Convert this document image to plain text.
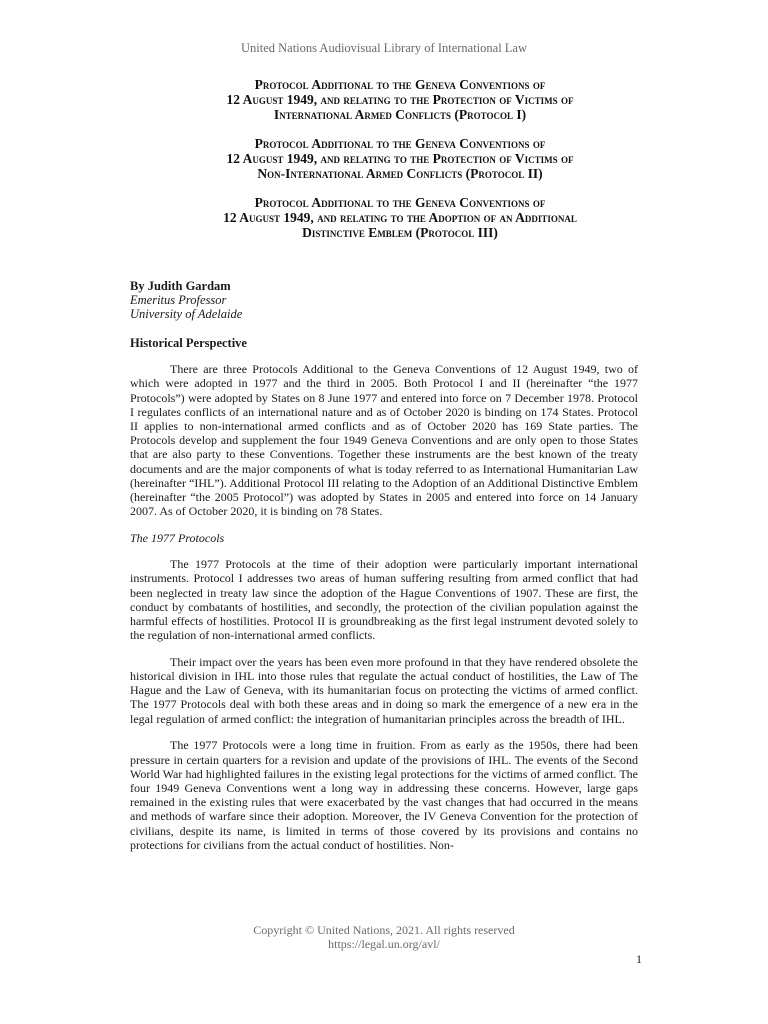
United Nations Audiovisual Library of International Law
Protocol Additional to the Geneva Conventions of
12 August 1949, and relating to the Protection of Victims of
International Armed Conflicts (Protocol I)
Protocol Additional to the Geneva Conventions of
12 August 1949, and relating to the Protection of Victims of
Non-International Armed Conflicts (Protocol II)
Protocol Additional to the Geneva Conventions of
12 August 1949, and relating to the Adoption of an Additional
Distinctive Emblem (Protocol III)
By Judith Gardam
Emeritus Professor
University of Adelaide
Historical Perspective

There are three Protocols Additional to the Geneva Conventions of 12 August 1949, two of which were adopted in 1977 and the third in 2005. Both Protocol I and II (hereinafter “the 1977 Protocols”) were adopted by States on 8 June 1977 and entered into force on 7 December 1978. Protocol I regulates conflicts of an international nature and as of October 2020 is binding on 174 States. Protocol II applies to non-international armed conflicts and as of October 2020 has 169 State parties. The Protocols develop and supplement the four 1949 Geneva Conventions and are only open to those States that are also party to these Conventions. Together these instruments are the best known of the treaty documents and are the major components of what is today referred to as International Humanitarian Law (hereinafter “IHL”). Additional Protocol III relating to the Adoption of an Additional Distinctive Emblem (hereinafter “the 2005 Protocol”) was adopted by States in 2005 and entered into force on 14 January 2007. As of October 2020, it is binding on 78 States.

The 1977 Protocols

The 1977 Protocols at the time of their adoption were particularly important international instruments. Protocol I addresses two areas of human suffering resulting from armed conflict that had been neglected in treaty law since the adoption of the Hague Conventions of 1907. These are first, the conduct by combatants of hostilities, and secondly, the protection of the civilian population against the harmful effects of hostilities. Protocol II is groundbreaking as the first legal instrument devoted solely to the regulation of non-international armed conflicts.

Their impact over the years has been even more profound in that they have rendered obsolete the historical division in IHL into those rules that regulate the actual conduct of hostilities, the Law of The Hague and the Law of Geneva, with its humanitarian focus on protecting the victims of armed conflict. The 1977 Protocols deal with both these areas and in doing so mark the emergence of a new era in the legal regulation of armed conflict: the integration of humanitarian principles across the breadth of IHL.

The 1977 Protocols were a long time in fruition. From as early as the 1950s, there had been pressure in certain quarters for a revision and update of the provisions of IHL. The events of the Second World War had highlighted failures in the existing legal protections for the victims of armed conflict. The four 1949 Geneva Conventions went a long way in addressing these concerns. However, large gaps remained in the existing rules that were exacerbated by the vast changes that had occurred in the means and methods of warfare since their adoption. Moreover, the IV Geneva Convention for the protection of civilians, despite its name, is limited in terms of those covered by its provisions and contains no protections for civilians from the actual conduct of hostilities. Non-

Copyright © United Nations, 2021. All rights reserved
https://legal.un.org/avl/
1
